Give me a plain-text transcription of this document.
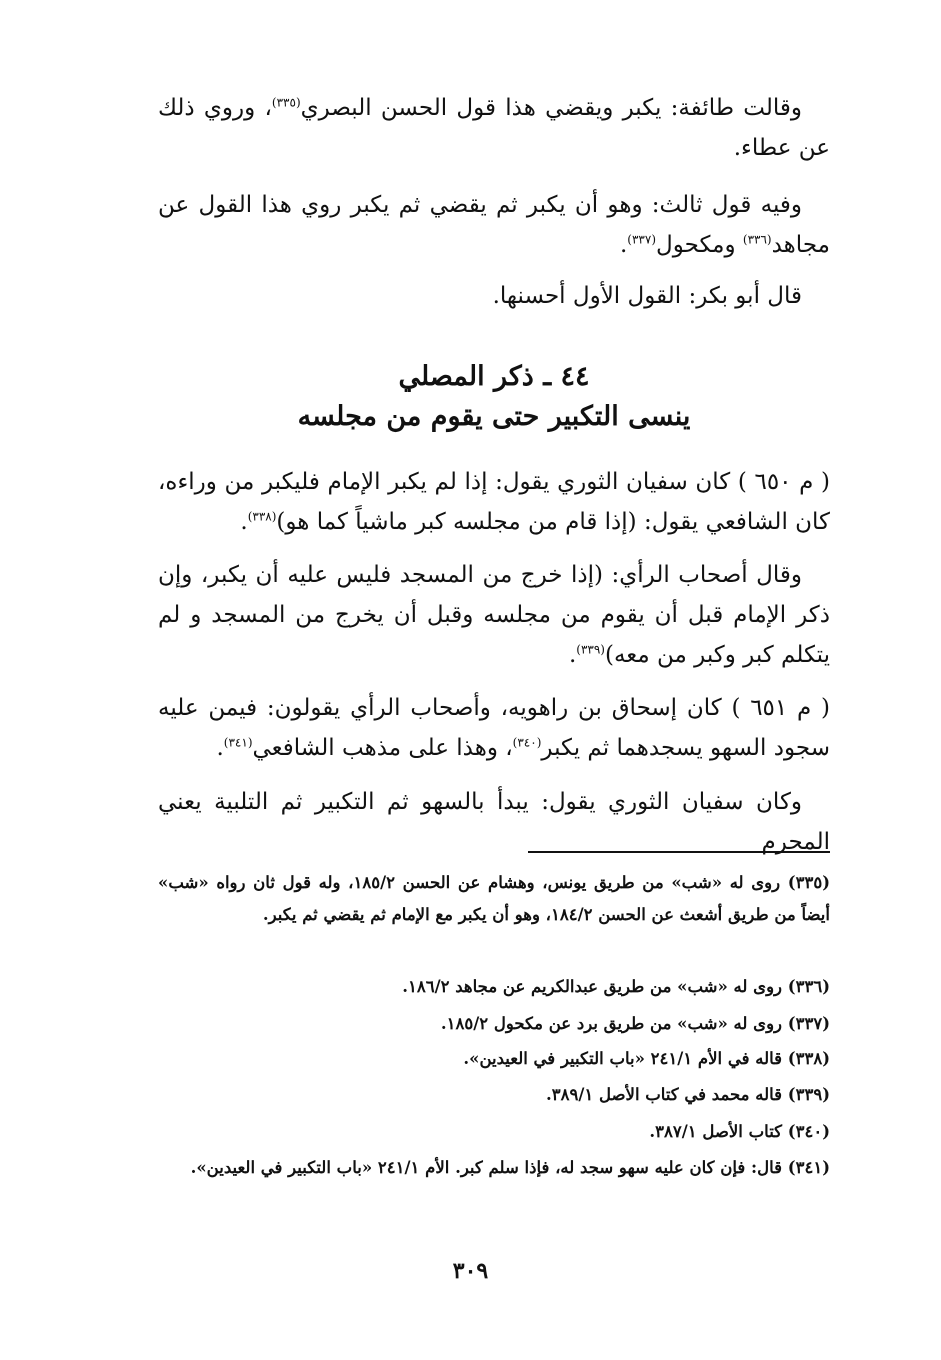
وقالت طائفة: يكبر ويقضي هذا قول الحسن البصري$^{(٣٣٥)}$، وروي ذلك عن عطاء.

وفيه قول ثالث: وهو أن يكبر ثم يقضي ثم يكبر روي هذا القول عن مجاهد$^{(٣٣٦)}$ ومكحول$^{(٣٣٧)}$.

قال أبو بكر: القول الأول أحسنها.

٤٤ ـ ذكر المصلي

ينسى التكبير حتى يقوم من مجلسه

( م ٦٥٠ ) كان سفيان الثوري يقول: إذا لم يكبر الإمام فليكبر من وراءه، كان الشافعي يقول: (إذا قام من مجلسه كبر ماشياً كما هو)$^{(٣٣٨)}$.

وقال أصحاب الرأي: (إذا خرج من المسجد فليس عليه أن يكبر، وإن ذكر الإمام قبل أن يقوم من مجلسه وقبل أن يخرج من المسجد و لم يتكلم كبر وكبر من معه)$^{(٣٣٩)}$.

( م ٦٥١ ) كان إسحاق بن راهويه، وأصحاب الرأي يقولون: فيمن عليه سجود السهو يسجدهما ثم يكبر$^{(٣٤٠)}$، وهذا على مذهب الشافعي$^{(٣٤١)}$.

وكان سفيان الثوري يقول: يبدأ بالسهو ثم التكبير ثم التلبية يعني المحرم

(٣٣٥) روى له «شب» من طريق يونس، وهشام عن الحسن ١٨٥/٢، وله قول ثان رواه «شب» أيضاً من طريق أشعث عن الحسن ١٨٤/٢، وهو أن يكبر مع الإمام ثم يقضي ثم يكبر.

(٣٣٦) روى له «شب» من طريق عبدالكريم عن مجاهد ١٨٦/٢.

(٣٣٧) روى له «شب» من طريق برد عن مكحول ١٨٥/٢.

(٣٣٨) قاله في الأم ٢٤١/١ «باب التكبير في العيدين».

(٣٣٩) قاله محمد في كتاب الأصل ٣٨٩/١.

(٣٤٠) كتاب الأصل ٣٨٧/١.

(٣٤١) قال: فإن كان عليه سهو سجد له، فإذا سلم كبر. الأم ٢٤١/١ «باب التكبير في العيدين».

٣٠٩
